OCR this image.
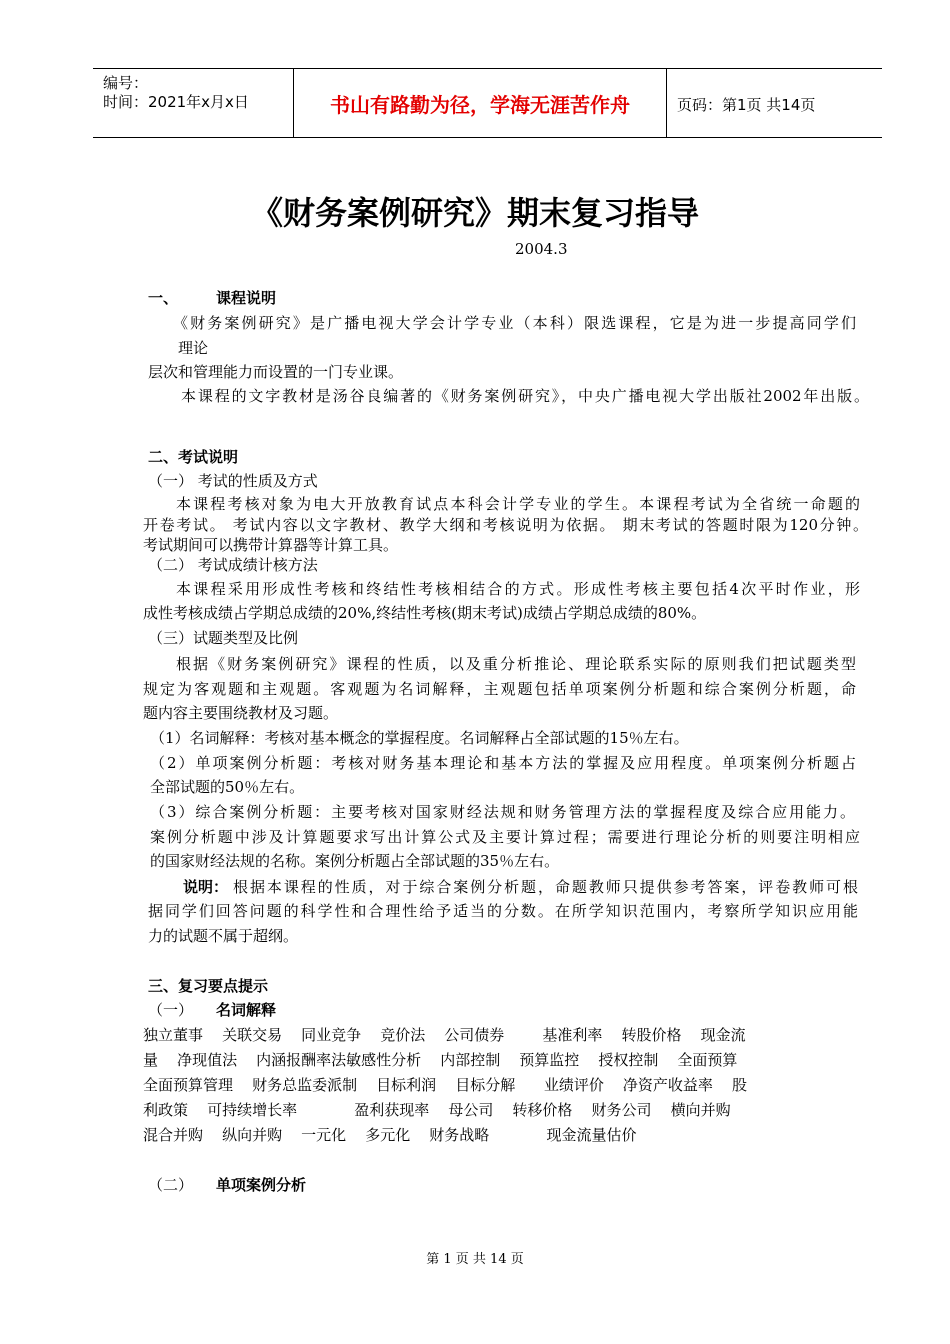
编号：
时间：2021年x月x日	书山有路勤为径，学海无涯苦作舟	页码：第1页 共14页
《财务案例研究》期末复习指导
2004.3
一、	课程说明
《财务案例研究》是广播电视大学会计学专业（本科）限选课程，它是为进一步提高同学们
理论
层次和管理能力而设置的一门专业课。
本课程的文字教材是汤谷良编著的《财务案例研究》，中央广播电视大学出版社2002年出版。
二、考试说明
（一） 考试的性质及方式
本课程考核对象为电大开放教育试点本科会计学专业的学生。本课程考试为全省统一命题的
开卷考试。 考试内容以文字教材、教学大纲和考核说明为依据。 期末考试的答题时限为120分钟。
考试期间可以携带计算器等计算工具。
（二） 考试成绩计核方法
本课程采用形成性考核和终结性考核相结合的方式。形成性考核主要包括4次平时作业，形
成性考核成绩占学期总成绩的20%,终结性考核(期末考试)成绩占学期总成绩的80%。
（三）试题类型及比例
根据《财务案例研究》课程的性质，以及重分析推论、理论联系实际的原则我们把试题类型
规定为客观题和主观题。客观题为名词解释，主观题包括单项案例分析题和综合案例分析题，命
题内容主要围绕教材及习题。
（1）名词解释：考核对基本概念的掌握程度。名词解释占全部试题的15％左右。
（2）单项案例分析题：考核对财务基本理论和基本方法的掌握及应用程度。单项案例分析题占
全部试题的50％左右。
（3）综合案例分析题：主要考核对国家财经法规和财务管理方法的掌握程度及综合应用能力。
案例分析题中涉及计算题要求写出计算公式及主要计算过程；需要进行理论分析的则要注明相应
的国家财经法规的名称。案例分析题占全部试题的35％左右。
说明： 根据本课程的性质，对于综合案例分析题，命题教师只提供参考答案，评卷教师可根
据同学们回答问题的科学性和合理性给予适当的分数。在所学知识范围内，考察所学知识应用能
力的试题不属于超纲。
三、复习要点提示
（一） 名词解释
独立董事    关联交易    同业竞争    竞价法    公司债券        基准利率    转股价格    现金流
量    净现值法    内涵报酬率法敏感性分析    内部控制    预算监控    授权控制    全面预算
全面预算管理    财务总监委派制    目标利润    目标分解      业绩评价    净资产收益率    股
利政策    可持续增长率            盈利获现率    母公司    转移价格    财务公司    横向并购
混合并购    纵向并购    一元化    多元化    财务战略            现金流量估价
（二） 单项案例分析
第 1 页 共 14 页
